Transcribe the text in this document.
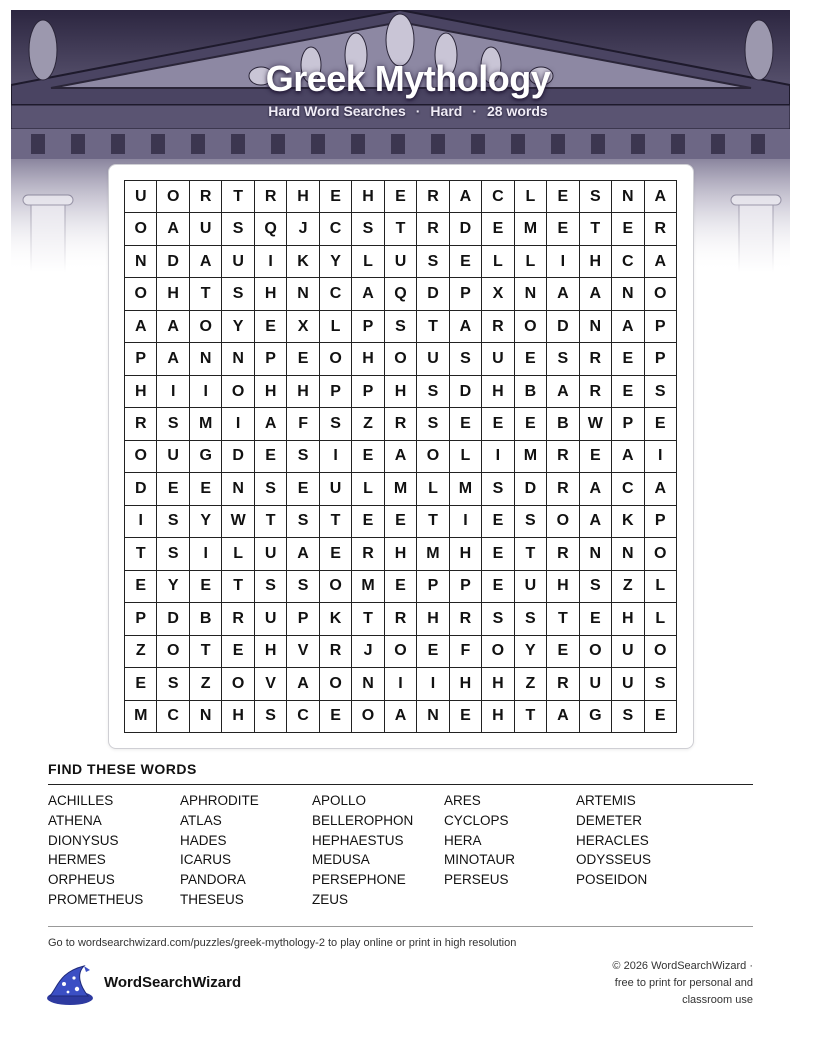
Greek Mythology
Hard Word Searches · Hard · 28 words
U	O	R	T	R	H	E	H	E	R	A	C	L	E	S	N	A
O	A	U	S	Q	J	C	S	T	R	D	E	M	E	T	E	R
N	D	A	U	I	K	Y	L	U	S	E	L	L	I	H	C	A
O	H	T	S	H	N	C	A	Q	D	P	X	N	A	A	N	O
A	A	O	Y	E	X	L	P	S	T	A	R	O	D	N	A	P
P	A	N	N	P	E	O	H	O	U	S	U	E	S	R	E	P
H	I	I	O	H	H	P	P	H	S	D	H	B	A	R	E	S
R	S	M	I	A	F	S	Z	R	S	E	E	E	B	W	P	E
O	U	G	D	E	S	I	E	A	O	L	I	M	R	E	A	I
D	E	E	N	S	E	U	L	M	L	M	S	D	R	A	C	A
I	S	Y	W	T	S	T	E	E	T	I	E	S	O	A	K	P
T	S	I	L	U	A	E	R	H	M	H	E	T	R	N	N	O
E	Y	E	T	S	S	O	M	E	P	P	E	U	H	S	Z	L
P	D	B	R	U	P	K	T	R	H	R	S	S	T	E	H	L
Z	O	T	E	H	V	R	J	O	E	F	O	Y	E	O	U	O
E	S	Z	O	V	A	O	N	I	I	H	H	Z	R	U	U	S
M	C	N	H	S	C	E	O	A	N	E	H	T	A	G	S	E
FIND THESE WORDS
ACHILLES	APHRODITE	APOLLO	ARES	ARTEMIS
ATHENA	ATLAS	BELLEROPHON	CYCLOPS	DEMETER
DIONYSUS	HADES	HEPHAESTUS	HERA	HERACLES
HERMES	ICARUS	MEDUSA	MINOTAUR	ODYSSEUS
ORPHEUS	PANDORA	PERSEPHONE	PERSEUS	POSEIDON
PROMETHEUS	THESEUS	ZEUS
Go to wordsearchwizard.com/puzzles/greek-mythology-2 to play online or print in high resolution
WordSearchWizard
© 2026 WordSearchWizard ·
free to print for personal and
classroom use
